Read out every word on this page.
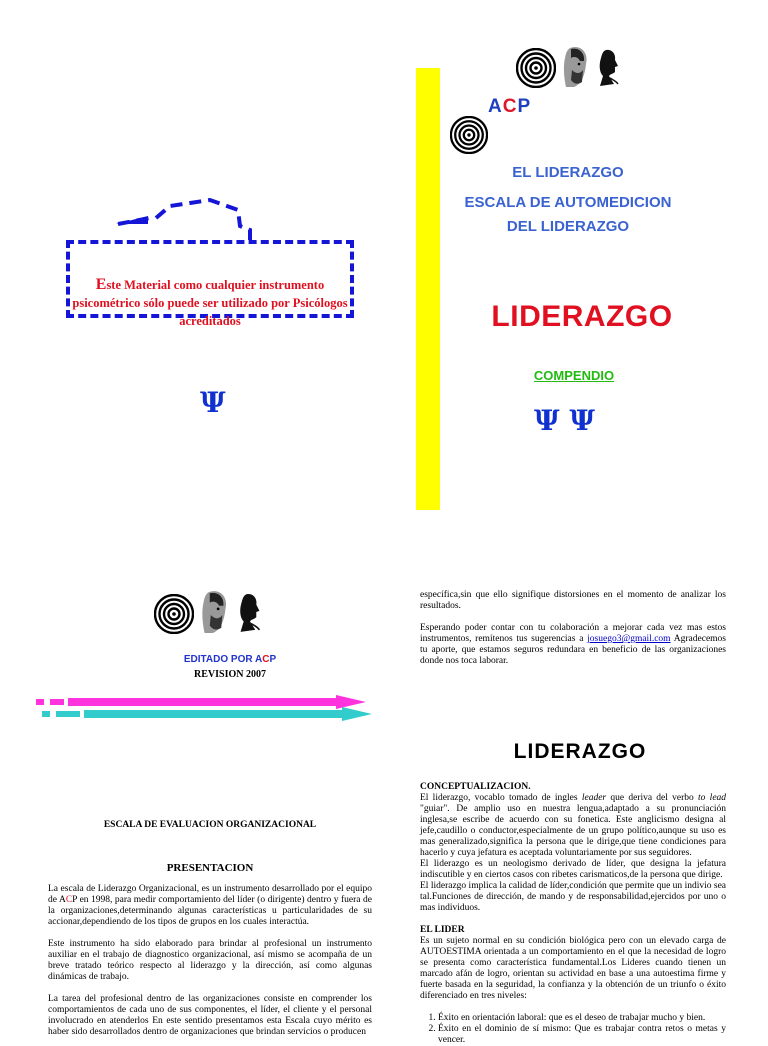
ACP
EL LIDERAZGO
ESCALA DE AUTOMEDICION
DEL LIDERAZGO
LIDERAZGO
COMPENDIO
Ψ Ψ
Este Material como cualquier instrumento psicométrico sólo puede ser utilizado por Psicólogos acreditados
Ψ
EDITADO POR ACP
REVISION 2007

específica,sin que ello signifique distorsiones en el momento de analizar los resultados.

Esperando poder contar con tu colaboración a mejorar cada vez mas estos instrumentos, remítenos tus sugerencias a josuego3@gmail.com Agradecemos tu aporte, que estamos seguros redundara en beneficio de las organizaciones donde nos toca laborar.

ESCALA DE EVALUACION ORGANIZACIONAL
PRESENTACION

La escala de Liderazgo Organizacional, es un instrumento desarrollado por el equipo de ACP en 1998, para medir comportamiento del líder (o dirigente) dentro y fuera de la organizaciones,determinando algunas características u particularidades de su accionar,dependiendo de los tipos de grupos en los cuales interactúa.

Este instrumento ha sido elaborado para brindar al profesional un instrumento auxiliar en el trabajo de diagnostico organizacional, así mismo se acompaña de un breve tratado teórico respecto al liderazgo y la dirección, así como algunas dinámicas de trabajo.

La tarea del profesional dentro de las organizaciones consiste en comprender los comportamientos de cada uno de sus componentes, el líder, el cliente y el personal involucrado en atenderlos En este sentido presentamos esta Escala cuyo mérito es haber sido desarrollados dentro de organizaciones que brindan servicios o producen

LIDERAZGO
CONCEPTUALIZACION.

El liderazgo, vocablo tomado de ingles leader que deriva del verbo to lead "guiar". De amplio uso en nuestra lengua,adaptado a su pronunciación inglesa,se escribe de acuerdo con su fonetica. Este anglicismo designa al jefe,caudillo o conductor,especialmente de un grupo político,aunque su uso es mas generalizado,significa la persona que le dirige,que tiene condiciones para hacerlo y cuya jefatura es aceptada voluntariamente por sus seguidores.

El liderazgo es un neologismo derivado de líder, que designa la jefatura indiscutible y en ciertos casos con ribetes carismaticos,de la persona que dirige.

El liderazgo implica la calidad de líder,condición que permite que un indivio sea tal.Funciones de dirección, de mando y de responsabilidad,ejercidos por uno o mas individuos.

EL LIDER

Es un sujeto normal en su condición biológica pero con un elevado carga de AUTOESTIMA orientada a un comportamiento en el que la necesidad de logro se presenta como característica fundamental.Los Lideres cuando tienen un marcado afán de logro, orientan su actividad en base a una autoestima firme y fuerte basada en la seguridad, la confianza y la obtención de un triunfo o éxito diferenciado en tres niveles:

1. Éxito en orientación laboral: que es el deseo de trabajar mucho y bien.
2. Éxito en el dominio de sí mismo: Que es trabajar contra retos o metas y vencer.
